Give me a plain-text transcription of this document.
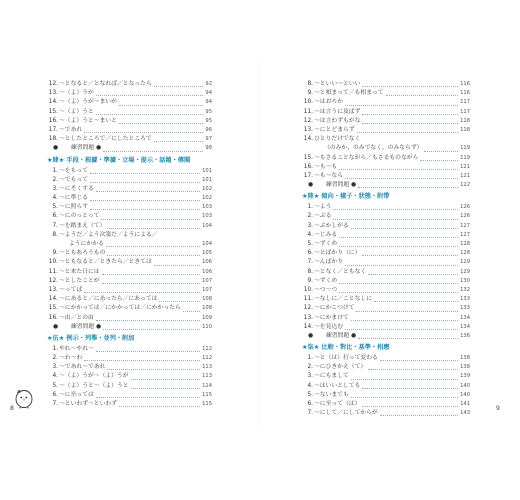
12.〜となると／となれば／となったら	92
13.〜（よ）うが	94
14.〜（よ）うが〜まいが	94
15.〜（よ）うと	95
16.〜（よ）うと〜まいと	95
17.〜であれ	96
18.〜としたところで／にしたところで	97
● 練習問題 ●	98
★肆★ 手段・根據・準據・立場・提示・話題・傳聞
1.〜をもって	101
2.〜でもって	101
3.〜にそくする	102
4.〜に準じる	102
5.〜に照らす	103
6.〜にのっとって	103
7.〜を踏まえ（て）	104
8.〜ようだ／よう次第だ／ようによる／
ようにかかる	104
9.〜ともあろうもの	105
10.〜ともなると／ときたら／ときては	106
11.〜と来た日には	106
12.〜としたことが	107
13.〜ってば	107
14.〜にあると／にあったら／にあっては	108
15.〜にかかっては／にかかっては／にかかったら	108
16.〜由／との由	109
● 練習問題 ●	110
★伍★ 例示・列舉・並列・附加
1.やれ〜やれ〜	112
2.〜わ〜わ	112
3.〜であれ〜であれ	113
4.〜（よ）うが〜（よ）うが	113
5.〜（よ）うと〜（よ）うと	114
6.〜に至っては	115
7.〜といわず〜といわず	115
8.〜といい〜といい	116
9.〜と相まって／も相まって	116
10.〜はおろか	117
11.〜は言うに及ばず	117
12.〜は言わずもがな	118
13.〜にとどまらず	118
14.ひとりだけでなく
（のみか、のみでなく、のみならず）	119
15.〜もさることながら／もさるものながら	119
16.〜も〜も	121
17.〜も〜なら	121
● 練習問題 ●	122
★陸★ 傾向・樣子・狀態・附帶
1.〜よう	126
2.〜ぶる	126
3.〜ぶかしがる	127
4.〜じみる	127
5.〜ずくめ	128
6.〜とばかり（に）	128
7.〜んばかり	129
8.〜となく／ともなく	129
9.〜ずくめ	130
10.〜つ〜つ	132
11.〜なしに／ことなしに	133
12.〜にかこつけて	133
13.〜にかまけて	134
14.〜を見込む	134
● 練習問題 ●	136
★柒★ 比較・對比・基準・相應
1.〜と（は）打って変わる	138
2.〜にひきかえ（て）	138
3.〜にもまして	139
4.〜はいいとしても	140
5.〜ないまでも	140
6.〜に至って（は）	141
7.〜にして／にしてからが	143
8	9
